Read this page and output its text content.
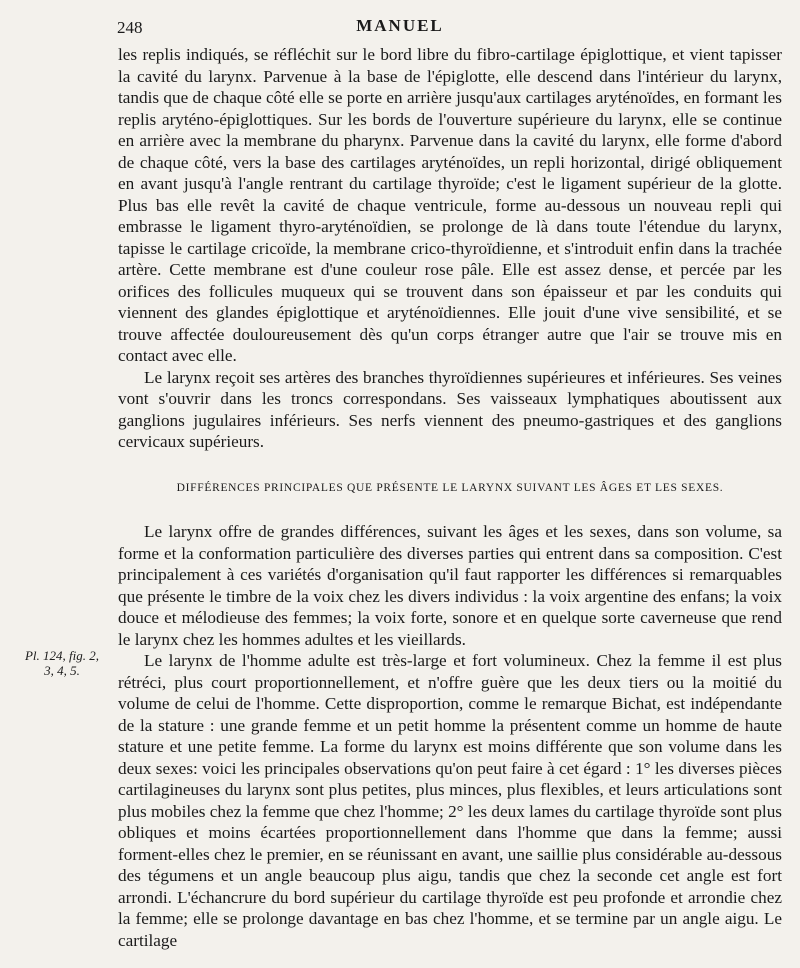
248	MANUEL

les replis indiqués, se réfléchit sur le bord libre du fibro-cartilage épiglottique, et vient tapisser la cavité du larynx. Parvenue à la base de l'épiglotte, elle descend dans l'intérieur du larynx, tandis que de chaque côté elle se porte en arrière jusqu'aux cartilages aryténoïdes, en formant les replis aryténo-épiglottiques. Sur les bords de l'ouverture supérieure du larynx, elle se continue en arrière avec la membrane du pharynx. Parvenue dans la cavité du larynx, elle forme d'abord de chaque côté, vers la base des cartilages aryténoïdes, un repli horizontal, dirigé obliquement en avant jusqu'à l'angle rentrant du cartilage thyroïde; c'est le ligament supérieur de la glotte. Plus bas elle revêt la cavité de chaque ventricule, forme au-dessous un nouveau repli qui embrasse le ligament thyro-aryténoïdien, se prolonge de là dans toute l'étendue du larynx, tapisse le cartilage cricoïde, la membrane crico-thyroïdienne, et s'introduit enfin dans la trachée artère. Cette membrane est d'une couleur rose pâle. Elle est assez dense, et percée par les orifices des follicules muqueux qui se trouvent dans son épaisseur et par les conduits qui viennent des glandes épiglottique et aryténoïdiennes. Elle jouit d'une vive sensibilité, et se trouve affectée douloureusement dès qu'un corps étranger autre que l'air se trouve mis en contact avec elle.

Le larynx reçoit ses artères des branches thyroïdiennes supérieures et inférieures. Ses veines vont s'ouvrir dans les troncs correspondans. Ses vaisseaux lymphatiques aboutissent aux ganglions jugulaires inférieurs. Ses nerfs viennent des pneumo-gastriques et des ganglions cervicaux supérieurs.

DIFFÉRENCES PRINCIPALES QUE PRÉSENTE LE LARYNX SUIVANT LES ÂGES ET LES SEXES.

Le larynx offre de grandes différences, suivant les âges et les sexes, dans son volume, sa forme et la conformation particulière des diverses parties qui entrent dans sa composition. C'est principalement à ces variétés d'organisation qu'il faut rapporter les différences si remarquables que présente le timbre de la voix chez les divers individus : la voix argentine des enfans; la voix douce et mélodieuse des femmes; la voix forte, sonore et en quelque sorte caverneuse que rend le larynx chez les hommes adultes et les vieillards.

Le larynx de l'homme adulte est très-large et fort volumineux. Chez la femme il est plus rétréci, plus court proportionnellement, et n'offre guère que les deux tiers ou la moitié du volume de celui de l'homme. Cette disproportion, comme le remarque Bichat, est indépendante de la stature : une grande femme et un petit homme la présentent comme un homme de haute stature et une petite femme. La forme du larynx est moins différente que son volume dans les deux sexes: voici les principales observations qu'on peut faire à cet égard : 1° les diverses pièces cartilagineuses du larynx sont plus petites, plus minces, plus flexibles, et leurs articulations sont plus mobiles chez la femme que chez l'homme; 2° les deux lames du cartilage thyroïde sont plus obliques et moins écartées proportionnellement dans l'homme que dans la femme; aussi forment-elles chez le premier, en se réunissant en avant, une saillie plus considérable au-dessous des tégumens et un angle beaucoup plus aigu, tandis que chez la seconde cet angle est fort arrondi. L'échancrure du bord supérieur du cartilage thyroïde est peu profonde et arrondie chez la femme; elle se prolonge davantage en bas chez l'homme, et se termine par un angle aigu. Le cartilage

Pl. 124, fig. 2,
3, 4, 5.
